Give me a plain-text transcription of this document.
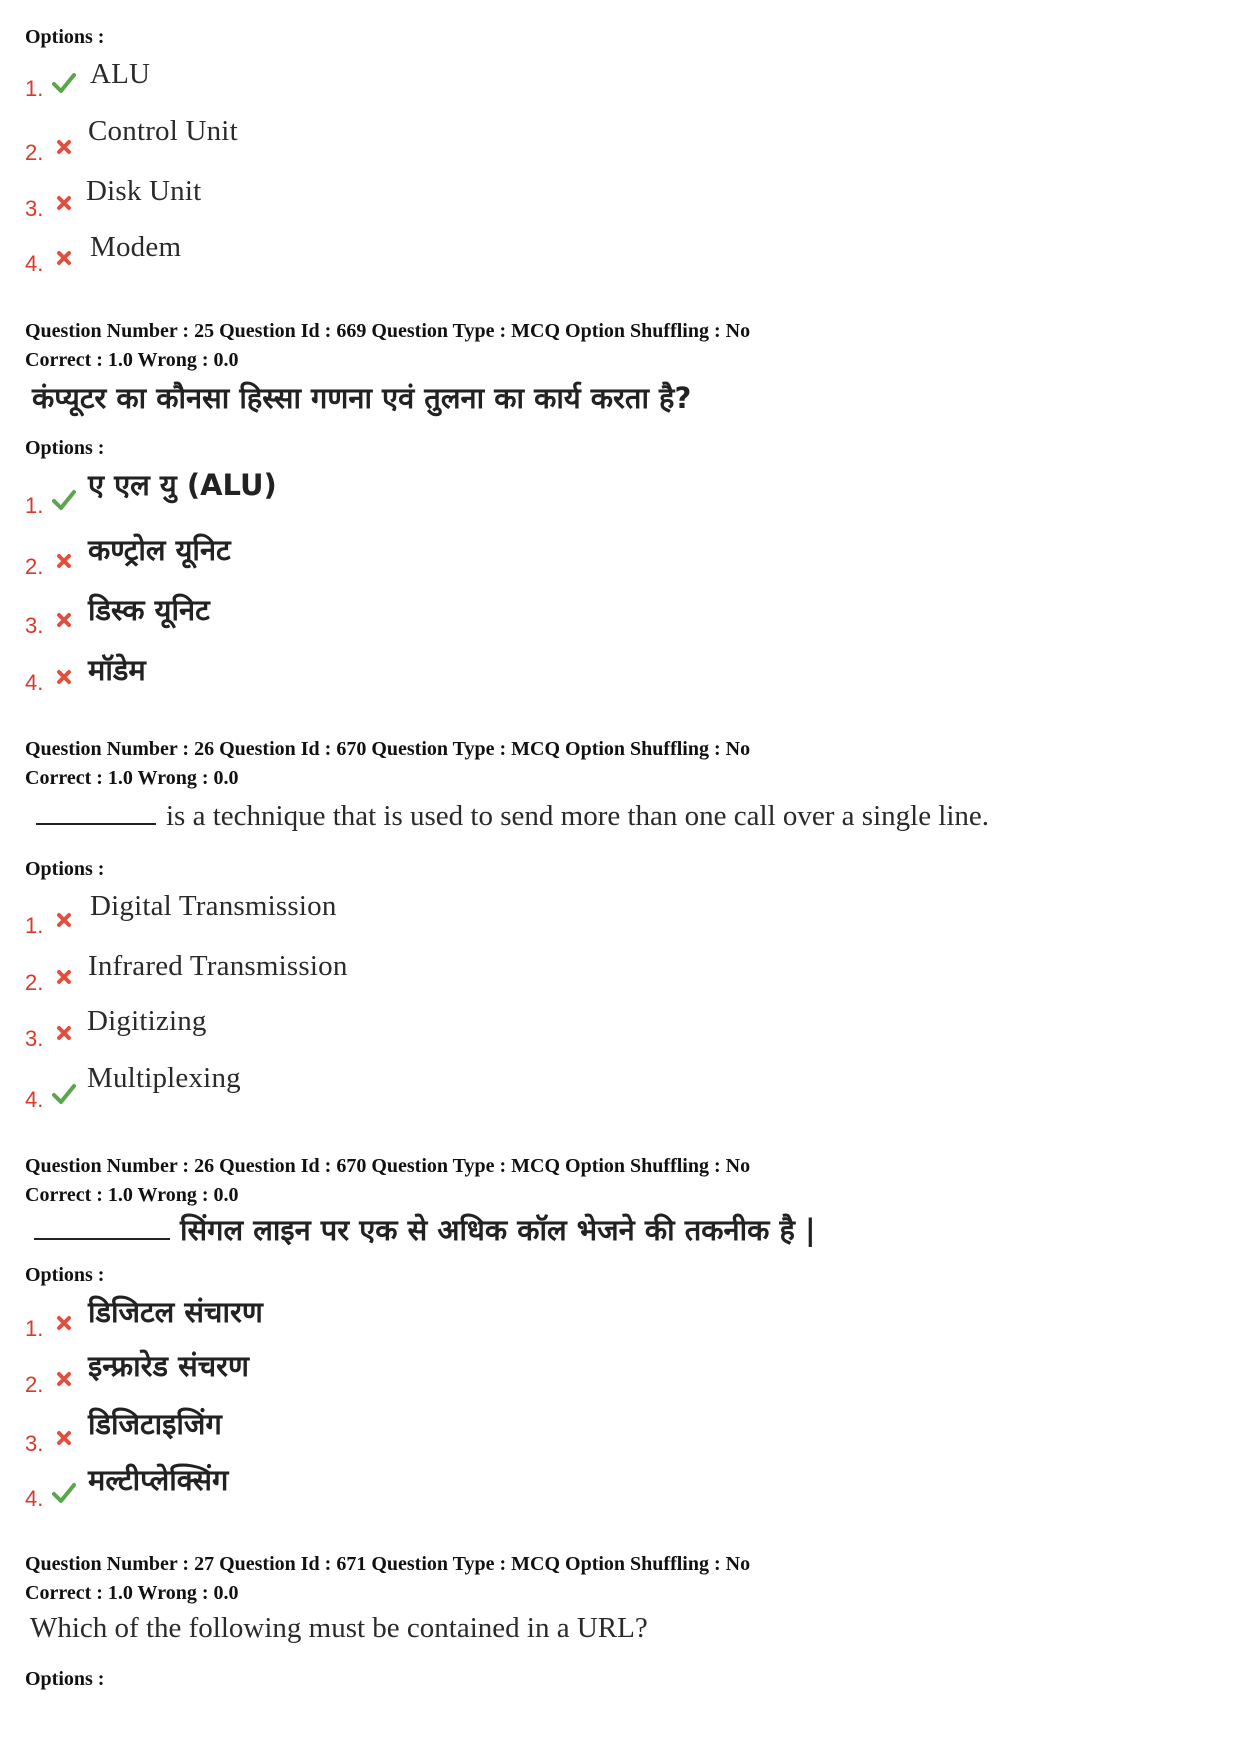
Options :
1. ALU
2.
Control Unit
3.
Disk Unit
4.
Modem
Question Number : 25 Question Id : 669 Question Type : MCQ Option Shuffling : No
Correct : 1.0 Wrong : 0.0
कंप्यूटर का कौनसा हिस्सा गणना एवं तुलना का कार्य करता है?
Options :
1.
ए एल यु (ALU)
2. कण्ट्रोल यूनिट
3. डिस्क यूनिट
4. मॉडेम
Question Number : 26 Question Id : 670 Question Type : MCQ Option Shuffling : No
Correct : 1.0 Wrong : 0.0
is a technique that is used to send more than one call over a single line.
Options :
1.
Digital Transmission
2.
Infrared Transmission
3.
Digitizing
4.
Multiplexing
Question Number : 26 Question Id : 670 Question Type : MCQ Option Shuffling : No
Correct : 1.0 Wrong : 0.0
सिंगल लाइन पर एक से अधिक कॉल भेजने की तकनीक है |
Options :
1. डिजिटल संचारण
2.
इन्फ्रारेड संचरण
3.
डिजिटाइजिंग
4.
मल्टीप्लेक्सिंग
Question Number : 27 Question Id : 671 Question Type : MCQ Option Shuffling : No
Correct : 1.0 Wrong : 0.0
Which of the following must be contained in a URL?
Options :
